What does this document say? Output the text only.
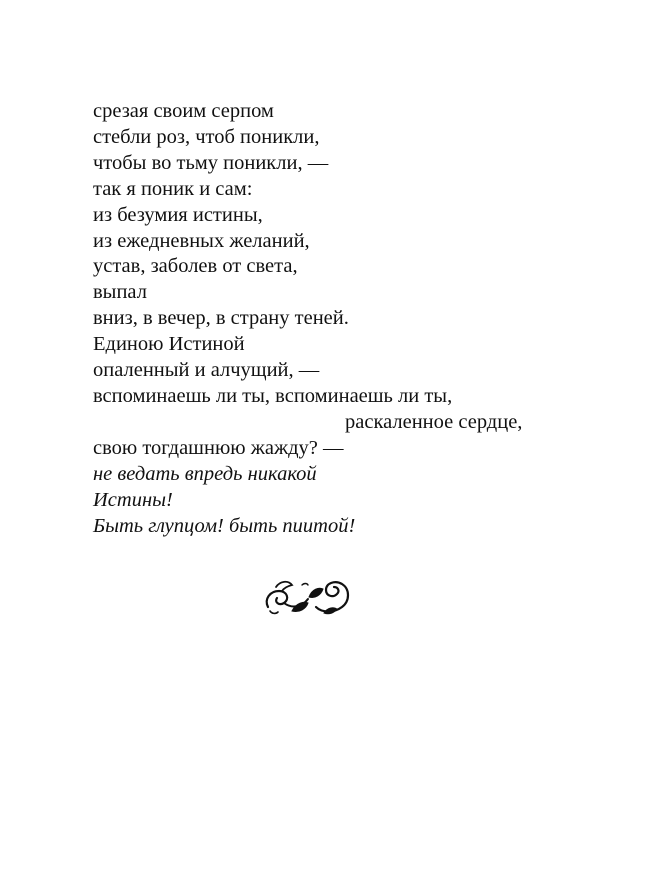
срезая своим серпом
стебли роз, чтоб поникли,
чтобы во тьму поникли, —
так я поник и сам:
из безумия истины,
из ежедневных желаний,
устав, заболев от света,
выпал
вниз, в вечер, в страну теней.
Единою Истиной
опаленный и алчущий, —
вспоминаешь ли ты, вспоминаешь ли ты,
раскаленное сердце,
свою тогдашнюю жажду? —
не ведать впредь никакой
Истины!
Быть глупцом! быть пиитой!
